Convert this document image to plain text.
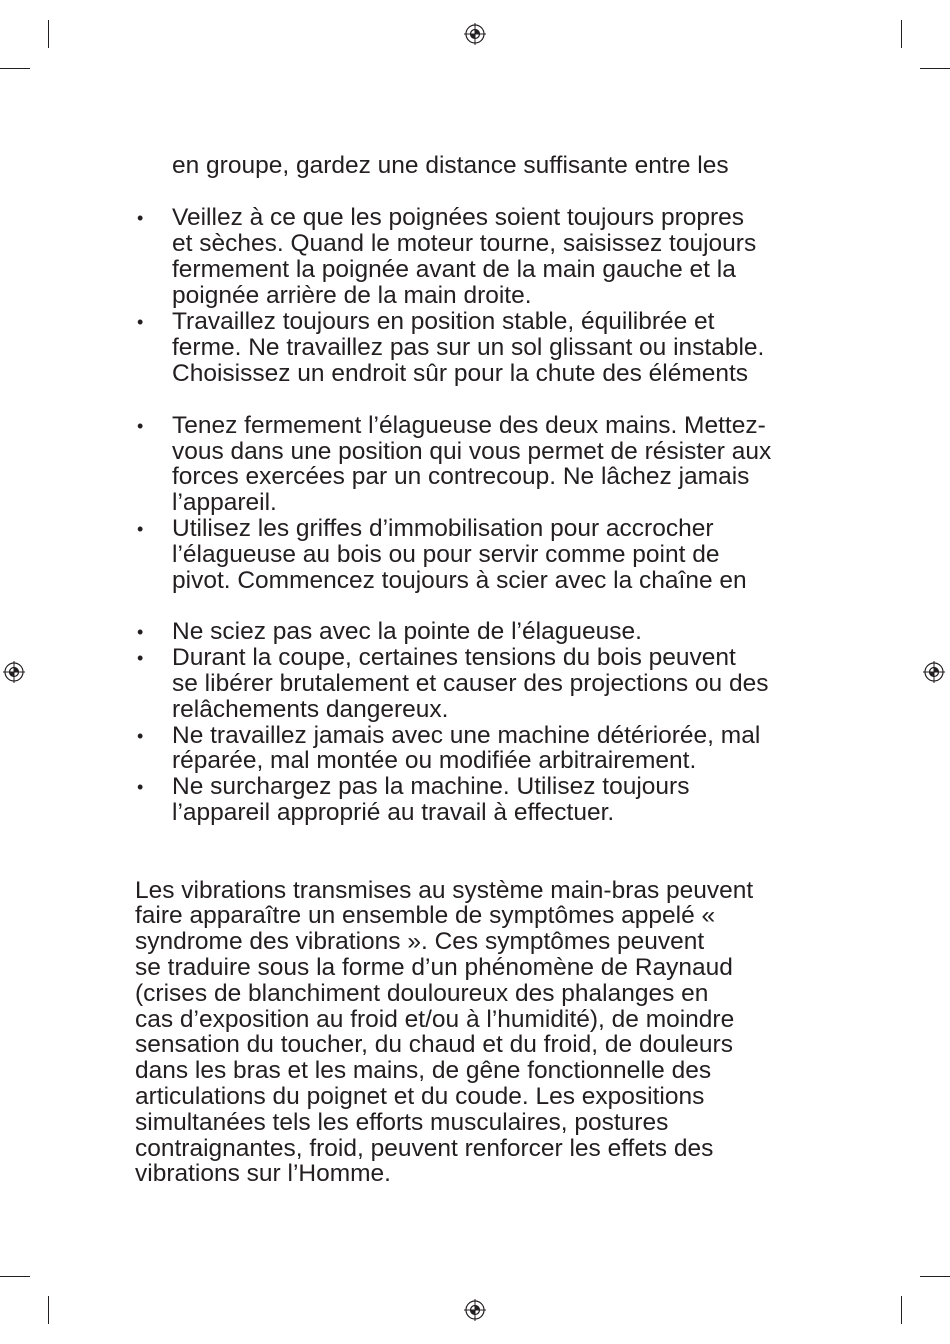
en groupe, gardez une distance suffisante entre les
• Veillez à ce que les poignées soient toujours propres
et sèches. Quand le moteur tourne, saisissez toujours
fermement la poignée avant de la main gauche et la
poignée arrière de la main droite.
• Travaillez toujours en position stable, équilibrée et
ferme. Ne travaillez pas sur un sol glissant ou instable.
Choisissez un endroit sûr pour la chute des éléments
• Tenez fermement l’élagueuse des deux mains. Mettez-
vous dans une position qui vous permet de résister aux
forces exercées par un contrecoup. Ne lâchez jamais
l’appareil.
• Utilisez les griffes d’immobilisation pour accrocher
l’élagueuse au bois ou pour servir comme point de
pivot. Commencez toujours à scier avec la chaîne en
• Ne sciez pas avec la pointe de l’élagueuse.
• Durant la coupe, certaines tensions du bois peuvent
se libérer brutalement et causer des projections ou des
relâchements dangereux.
• Ne travaillez jamais avec une machine détériorée, mal
réparée, mal montée ou modifiée arbitrairement.
• Ne surchargez pas la machine. Utilisez toujours
l’appareil approprié au travail à effectuer.
Les vibrations transmises au système main-bras peuvent
faire apparaître un ensemble de symptômes appelé «
syndrome des vibrations ». Ces symptômes peuvent
se traduire sous la forme d’un phénomène de Raynaud
(crises de blanchiment douloureux des phalanges en
cas d’exposition au froid et/ou à l’humidité), de moindre
sensation du toucher, du chaud et du froid, de douleurs
dans les bras et les mains, de gêne fonctionnelle des
articulations du poignet et du coude. Les expositions
simultanées tels les efforts musculaires, postures
contraignantes, froid, peuvent renforcer les effets des
vibrations sur l’Homme.
